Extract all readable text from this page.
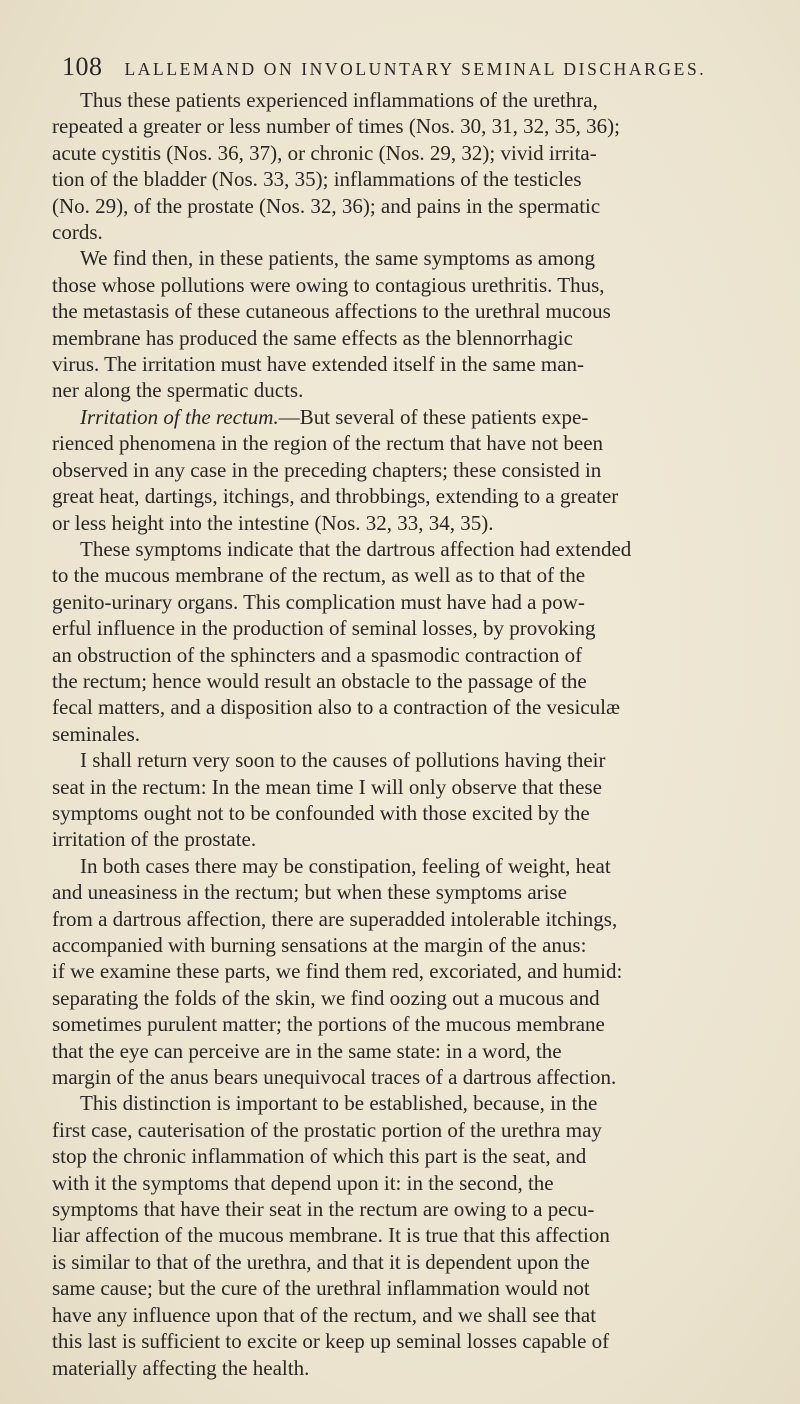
108 LALLEMAND ON INVOLUNTARY SEMINAL DISCHARGES.

Thus these patients experienced inflammations of the urethra,
repeated a greater or less number of times (Nos. 30, 31, 32, 35, 36);
acute cystitis (Nos. 36, 37), or chronic (Nos. 29, 32); vivid irrita-
tion of the bladder (Nos. 33, 35); inflammations of the testicles
(No. 29), of the prostate (Nos. 32, 36); and pains in the spermatic
cords.

We find then, in these patients, the same symptoms as among
those whose pollutions were owing to contagious urethritis. Thus,
the metastasis of these cutaneous affections to the urethral mucous
membrane has produced the same effects as the blennorrhagic
virus. The irritation must have extended itself in the same man-
ner along the spermatic ducts.

Irritation of the rectum.—But several of these patients expe-
rienced phenomena in the region of the rectum that have not been
observed in any case in the preceding chapters; these consisted in
great heat, dartings, itchings, and throbbings, extending to a greater
or less height into the intestine (Nos. 32, 33, 34, 35).

These symptoms indicate that the dartrous affection had extended
to the mucous membrane of the rectum, as well as to that of the
genito-urinary organs. This complication must have had a pow-
erful influence in the production of seminal losses, by provoking
an obstruction of the sphincters and a spasmodic contraction of
the rectum; hence would result an obstacle to the passage of the
fecal matters, and a disposition also to a contraction of the vesiculæ
seminales.

I shall return very soon to the causes of pollutions having their
seat in the rectum: In the mean time I will only observe that these
symptoms ought not to be confounded with those excited by the
irritation of the prostate.

In both cases there may be constipation, feeling of weight, heat
and uneasiness in the rectum; but when these symptoms arise
from a dartrous affection, there are superadded intolerable itchings,
accompanied with burning sensations at the margin of the anus:
if we examine these parts, we find them red, excoriated, and humid:
separating the folds of the skin, we find oozing out a mucous and
sometimes purulent matter; the portions of the mucous membrane
that the eye can perceive are in the same state: in a word, the
margin of the anus bears unequivocal traces of a dartrous affection.

This distinction is important to be established, because, in the
first case, cauterisation of the prostatic portion of the urethra may
stop the chronic inflammation of which this part is the seat, and
with it the symptoms that depend upon it: in the second, the
symptoms that have their seat in the rectum are owing to a pecu-
liar affection of the mucous membrane. It is true that this affection
is similar to that of the urethra, and that it is dependent upon the
same cause; but the cure of the urethral inflammation would not
have any influence upon that of the rectum, and we shall see that
this last is sufficient to excite or keep up seminal losses capable of
materially affecting the health.
